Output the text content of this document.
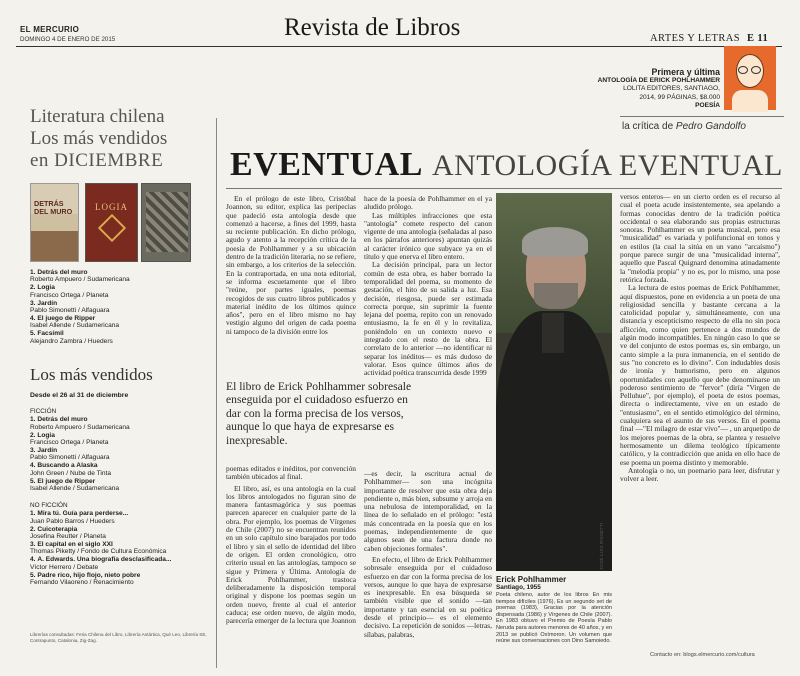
EL MERCURIO
DOMINGO 4 DE ENERO DE 2015	Revista de Libros	ARTES Y LETRAS E 11
Literatura chilena
Los más vendidos
en DICIEMBRE
DETRÁS DEL MURO	LOGIA
1. Detrás del muro
Roberto Ampuero / Sudamericana
2. Logia
Francisco Ortega / Planeta
3. Jardín
Pablo Simonetti / Alfaguara
4. El juego de Ripper
Isabel Allende / Sudamericana
5. Facsímil
Alejandro Zambra / Hueders
Los más vendidos
Desde el 26 al 31 de diciembre
FICCIÓN
1. Detrás del muro
Roberto Ampuero / Sudamericana
2. Logia
Francisco Ortega / Planeta
3. Jardín
Pablo Simonetti / Alfaguara
4. Buscando a Alaska
John Green / Nube de Tinta
5. El juego de Ripper
Isabel Allende / Sudamericana
NO FICCIÓN
1. Mira tú. Guía para perderse...
Juan Pablo Barros / Hueders
2. Cuicoterapia
Josefina Reutter / Planeta
3. El capital en el siglo XXI
Thomas Piketty / Fondo de Cultura Económica
4. A. Edwards. Una biografía desclasificada...
Víctor Herrero / Debate
5. Padre rico, hijo flojo, nieto pobre
Fernando Vilaoreno / Renacimiento
Librerías consultadas: Feria Chilena del Libro, Librería Antártica, Qué Leo, Librería SE, Contrapunto, Catalonia, Zig-Zag.
Primera y última
ANTOLOGÍA DE ERICK POHLHAMMER
LOLITA EDITORES, SANTIAGO,
2014, 99 PÁGINAS, $8.000
POESÍA
la crítica de Pedro Gandolfo
EVENTUAL ANTOLOGÍA EVENTUAL

En el prólogo de este libro, Cristóbal Joannon, su editor, explica las peripecias que padeció esta antología desde que comenzó a hacerse, a fines del 1999, hasta su reciente publicación. En dicho prólogo, agudo y atento a la recepción crítica de la poesía de Pohlhammer y a su ubicación dentro de la tradición literaria, no se refiere, sin embargo, a los criterios de la selección. En la contraportada, en una nota editorial, se informa escuetamente que el libro "reúne, por partes iguales, poemas recogidos de sus cuatro libros publicados y material inédito de los últimos quince años", pero en el libro mismo no hay vestigio alguno del origen de cada poema ni tampoco de la división entre los

El libro de Erick Pohlhammer sobresale enseguida por el cuidadoso esfuerzo en dar con la forma precisa de los versos, aunque lo que haya de expresarse es inexpresable.

poemas editados e inéditos, por convención también ubicados al final.

El libro, así, es una antología en la cual los libros antologados no figuran sino de manera fantasmagórica y sus poemas parecen aparecer en cualquier parte de la obra. Por ejemplo, los poemas de Vírgenes de Chile (2007) no se encuentran reunidos en un solo capítulo sino barajados por todo el libro y sin el sello de identidad del libro de origen. El orden cronológico, otro criterio usual en las antologías, tampoco se sigue y Primera y Última. Antología de Erick Pohlhammer, trastoca deliberadamente la disposición temporal original y dispone los poemas según un orden nuevo, frente al cual el anterior caduca; ese orden nuevo, de algún modo, parecería emerger de la lectura que Joannon

hace de la poesía de Pohlhammer en el ya aludido prólogo.

Las múltiples infracciones que esta "antología" comete respecto del canon vigente de una antología (señaladas al paso en los párrafos anteriores) apuntan quizás al carácter irónico que subyace ya en el título y que enerva el libro entero.

La decisión principal, para un lector común de esta obra, es haber borrado la temporalidad del poema, su momento de gestación, el hito de su salida a luz. Esa decisión, riesgosa, puede ser estimada correcta porque, sin suprimir la fuente lejana del poema, repito con un renovado entusiasmo, la fe en él y lo revitaliza, poniéndolo en un contexto nuevo e integrado con el resto de la obra. El correlato de lo anterior —no identificar ni separar los inéditos— es más dudoso de valorar. Esos quince últimos años de actividad poética transcurrida desde 1999

—es decir, la escritura actual de Pohlhammer— son una incógnita importante de resolver que esta obra deja pendiente o, más bien, subsume y arroja en una nebulosa de intemporalidad, en la línea de lo señalado en el prólogo: "está más concentrada en la poesía que en los poemas, independientemente de que algunos sean de una factura donde no caben objeciones formales".

En efecto, el libro de Erick Pohlhammer sobresale enseguida por el cuidadoso esfuerzo en dar con la forma precisa de los versos, aunque lo que haya de expresarse es inexpresable. En esa búsqueda se también visible que el sonido —tan importante y tan esencial en su poética desde el principio— es el elemento decisivo. La repetición de sonidos —letras, sílabas, palabras,

JOSÉ LUIS RISSETTI
Erick Pohlhammer
Santiago, 1955
Poeta chileno, autor de los libros En mis tiempos difíciles (1976), Es un segundo set de poemas (1983), Gracias por la atención dispensada (1986) y Vírgenes de Chile (2007). En 1983 obtuvo el Premio de Poesía Pablo Neruda para autores menores de 40 años, y en 2013 se publicó Oxímoron. Un volumen que reúne sus conversaciones con Dino Samoiedo.

versos enteros— en un cierto orden es el recurso al cual el poeta acude insistentemente, sea apelando a formas conocidas dentro de la tradición poética occidental o sea elaborando sus propias estructuras sonoras. Pohlhammer es un poeta musical, pero esa "musicalidad" es variada y polifuncional en tonos y en estilos (la cual la sitúa en un vano "arcaísmo") porque parece surgir de una "musicalidad interna", aquello que Pascal Quignard denomina atinadamente la "melodía propia" y no es, por lo mismo, una pose retórica forzada.

La lectura de estos poemas de Erick Pohlhammer, aquí dispuestos, pone en evidencia a un poeta de una religiosidad sencilla y bastante cercana a la catolicidad popular y, simultáneamente, con una distancia y escepticismo respecto de ella no sin poca aflicción, como quien pertenece a dos mundos de algún modo incompatibles. En ningún caso lo que se ve del conjunto de estos poemas es, sin embargo, un canto simple a la pura inmanencia, en el sentido de sus "no concreto es lo divino". Con indudables dosis de ironía y humorismo, pero en algunos oportunidades con aquello que debe denominarse un poderoso sentimiento de "fervor" (diría "Virgen de Pelluhue", por ejemplo), el poeta de estos poemas, directa o indirectamente, vive en un estado de "entusiasmo", en el sentido etimológico del término, cualquiera sea el asunto de sus versos. En el poema final —"El milagro de estar vivo"— , un arquetipo de los mejores poemas de la obra, se plantea y resuelve hermosamente un dilema teológico típicamente católico, y la contradicción que anida en ello hace de ese poema un poema distinto y memorable.

Antología o no, un poemario para leer, disfrutar y volver a leer.

Contacto en: blogs.elmercurio.com/cultura
